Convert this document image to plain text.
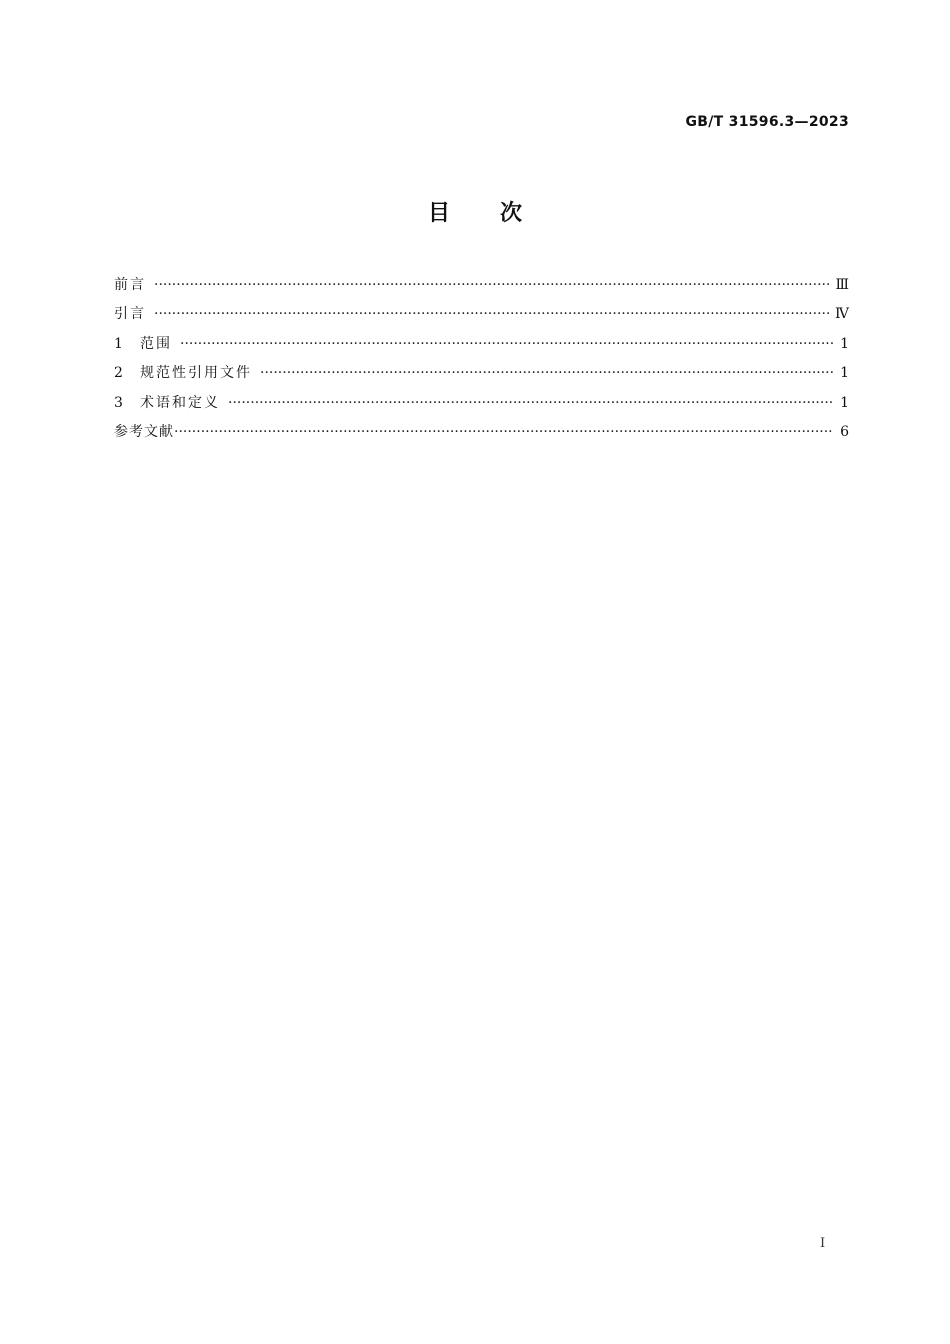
GB/T 31596.3—2023
目 次
前言 ·····	Ⅲ
引言 ·····	Ⅳ
1	范围 ·····	1
2	规范性引用文件 ·····	1
3	术语和定义 ·····	1
参考文献 ·····	6
Ⅰ
